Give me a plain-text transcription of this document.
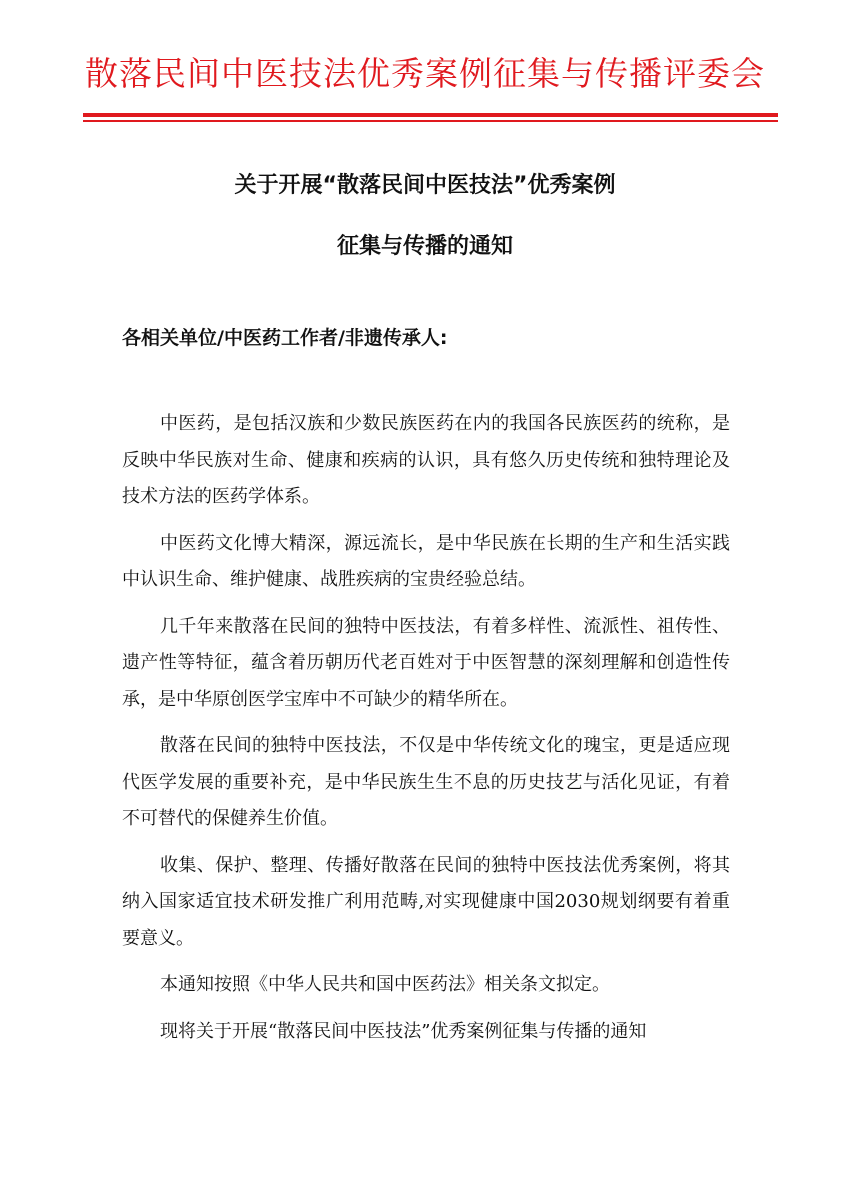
散落民间中医技法优秀案例征集与传播评委会
关于开展“散落民间中医技法”优秀案例
征集与传播的通知
各相关单位/中医药工作者/非遗传承人:

中医药，是包括汉族和少数民族医药在内的我国各民族医药的统称，是反映中华民族对生命、健康和疾病的认识，具有悠久历史传统和独特理论及技术方法的医药学体系。

中医药文化博大精深，源远流长，是中华民族在长期的生产和生活实践中认识生命、维护健康、战胜疾病的宝贵经验总结。

几千年来散落在民间的独特中医技法，有着多样性、流派性、祖传性、遗产性等特征，蕴含着历朝历代老百姓对于中医智慧的深刻理解和创造性传承，是中华原创医学宝库中不可缺少的精华所在。

散落在民间的独特中医技法，不仅是中华传统文化的瑰宝，更是适应现代医学发展的重要补充，是中华民族生生不息的历史技艺与活化见证，有着不可替代的保健养生价值。

收集、保护、整理、传播好散落在民间的独特中医技法优秀案例，将其纳入国家适宜技术研发推广利用范畴,对实现健康中国2030规划纲要有着重要意义。

本通知按照《中华人民共和国中医药法》相关条文拟定。

现将关于开展“散落民间中医技法”优秀案例征集与传播的通知
